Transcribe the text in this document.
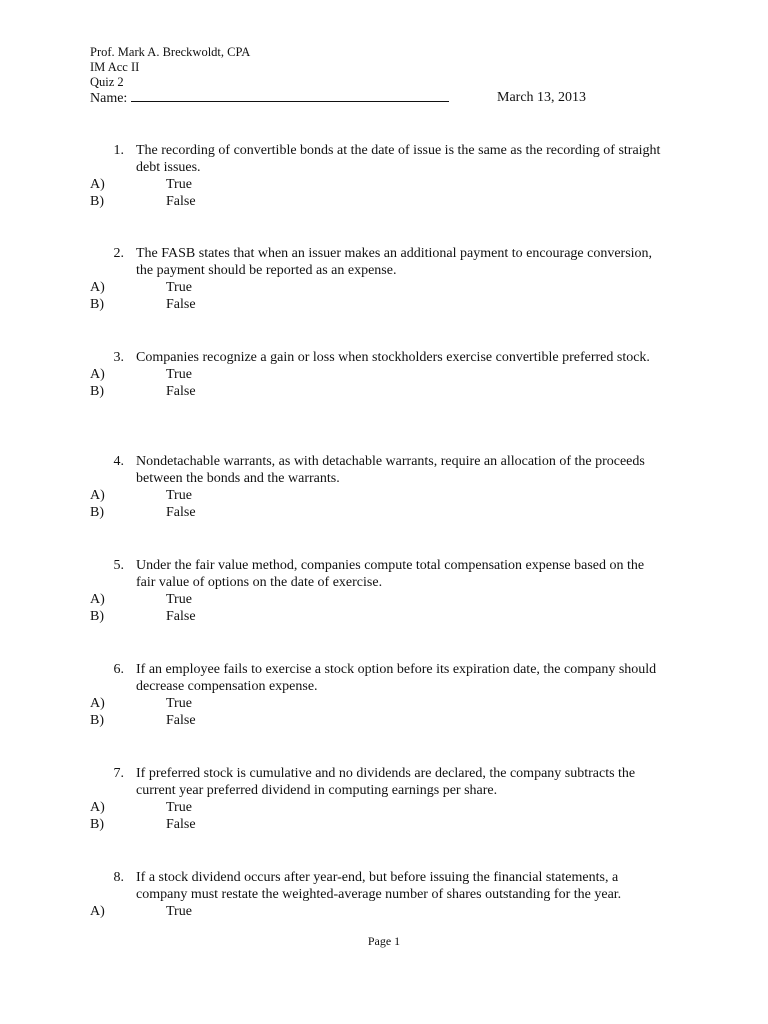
Prof. Mark A. Breckwoldt, CPA
IM Acc II
Quiz 2
Name:	March 13, 2013
1. The recording of convertible bonds at the date of issue is the same as the recording of straight debt issues.
A)	True
B)	False
2. The FASB states that when an issuer makes an additional payment to encourage conversion, the payment should be reported as an expense.
A)	True
B)	False
3. Companies recognize a gain or loss when stockholders exercise convertible preferred stock.
A)	True
B)	False
4. Nondetachable warrants, as with detachable warrants, require an allocation of the proceeds between the bonds and the warrants.
A)	True
B)	False
5. Under the fair value method, companies compute total compensation expense based on the fair value of options on the date of exercise.
A)	True
B)	False
6. If an employee fails to exercise a stock option before its expiration date, the company should decrease compensation expense.
A)	True
B)	False
7. If preferred stock is cumulative and no dividends are declared, the company subtracts the current year preferred dividend in computing earnings per share.
A)	True
B)	False
8. If a stock dividend occurs after year-end, but before issuing the financial statements, a company must restate the weighted-average number of shares outstanding for the year.
A)	True
Page 1
